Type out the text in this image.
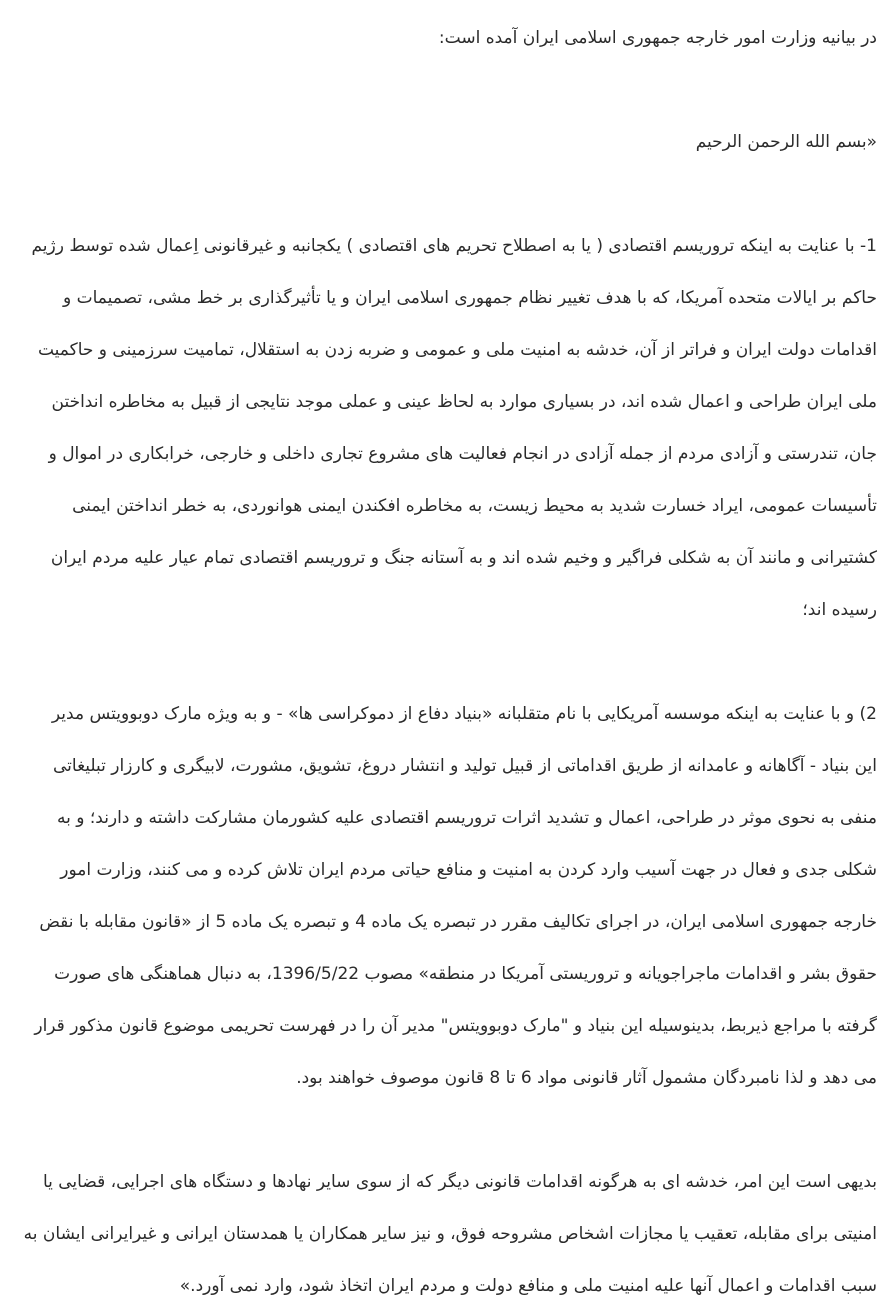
در بیانیه وزارت امور خارجه جمهوری اسلامی ایران آمده است:
«بسم الله الرحمن الرحیم
1- با عنایت به اینکه تروریسم اقتصادی ( یا به اصطلاح تحریم های اقتصادی ) یکجانبه و غیرقانونی اِعمال شده توسط رژیم
حاکم بر ایالات متحده آمریکا، که با هدف تغییر نظام جمهوری اسلامی ایران و یا تأثیرگذاری بر خط مشی، تصمیمات و
اقدامات دولت ایران و فراتر از آن، خدشه به امنیت ملی و عمومی و ضربه زدن به استقلال، تمامیت سرزمینی و حاکمیت
ملی ایران طراحی و اعمال شده اند، در بسیاری موارد به لحاظ عینی و عملی موجد نتایجی از قبیل به مخاطره انداختن
جان، تندرستی و آزادی مردم از جمله آزادی در انجام فعالیت های مشروع تجاری داخلی و خارجی، خرابکاری در اموال و
تأسیسات عمومی، ایراد خسارت شدید به محیط زیست، به مخاطره افکندن ایمنی هوانوردی، به خطر انداختن ایمنی
کشتیرانی و مانند آن به شکلی فراگیر و وخیم شده اند و به آستانه جنگ و تروریسم اقتصادی تمام عیار علیه مردم ایران
رسیده اند؛
2) و با عنایت به اینکه موسسه آمریکایی با نام متقلبانه «بنیاد دفاع از دموکراسی ها» - و به ویژه مارک دوبوویتس مدیر
این بنیاد - آگاهانه و عامدانه از طریق اقداماتی از قبیل تولید و انتشار دروغ، تشویق، مشورت، لابیگری و کارزار تبلیغاتی
منفی به نحوی موثر در طراحی، اعمال و تشدید اثرات تروریسم اقتصادی علیه کشورمان مشارکت داشته و دارند؛ و به
شکلی جدی و فعال در جهت آسیب وارد کردن به امنیت و منافع حیاتی مردم ایران تلاش کرده و می کنند، وزارت امور
خارجه جمهوری اسلامی ایران، در اجرای تکالیف مقرر در تبصره یک ماده 4 و تبصره یک ماده 5 از «قانون مقابله با نقض
حقوق بشر و اقدامات ماجراجویانه و تروریستی آمریکا در منطقه» مصوب 1396/5/22، به دنبال هماهنگی های صورت
گرفته با مراجع ذیربط، بدینوسیله این بنیاد و "مارک دوبوویتس" مدیر آن را در فهرست تحریمی موضوع قانون مذکور قرار
می دهد و لذا نامبردگان مشمول آثار قانونی مواد 6 تا 8 قانون موصوف خواهند بود.
بدیهی است این امر، خدشه ای به هرگونه اقدامات قانونی دیگر که از سوی سایر نهادها و دستگاه های اجرایی، قضایی یا
امنیتی برای مقابله، تعقیب یا مجازات اشخاص مشروحه فوق، و نیز سایر همکاران یا همدستان ایرانی و غیرایرانی ایشان به
سبب اقدامات و اعمال آنها علیه امنیت ملی و منافع دولت و مردم ایران اتخاذ شود، وارد نمی آورد.»
